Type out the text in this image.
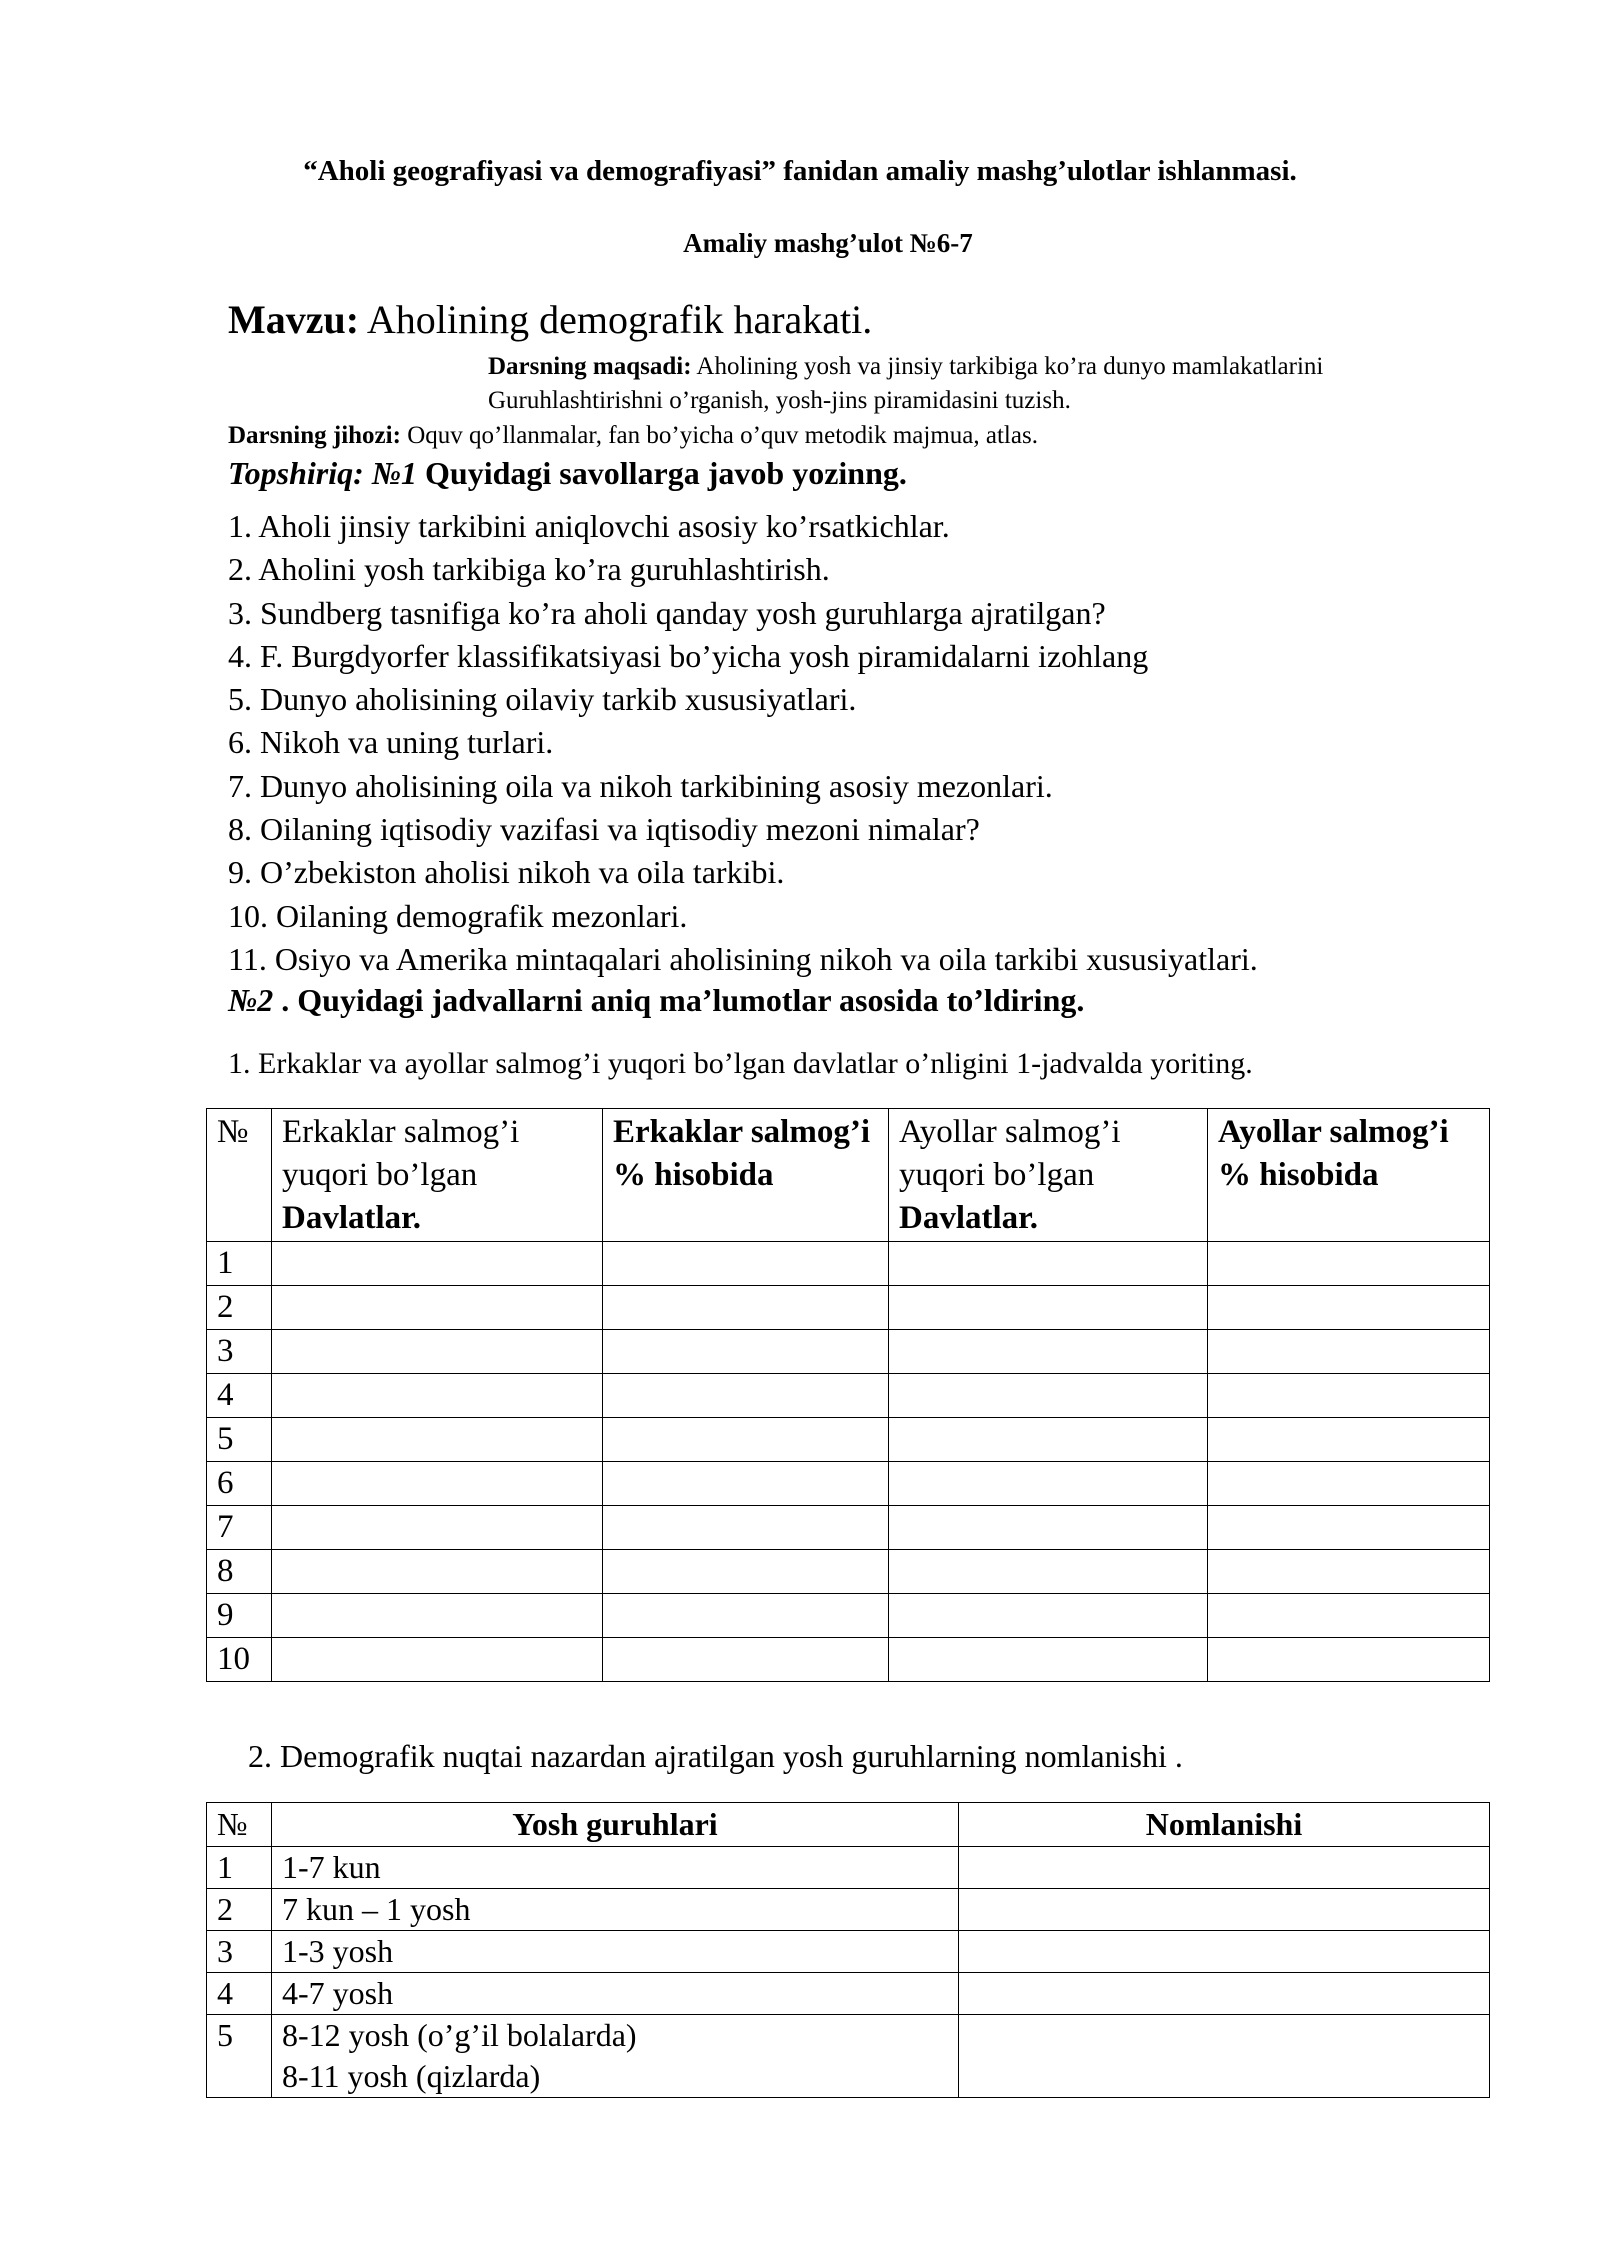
“Aholi geografiyasi va demografiyasi” fanidan amaliy mashg’ulotlar ishlanmasi.
Amaliy mashg’ulot №6-7
Mavzu: Aholining demografik harakati.
Darsning maqsadi: Aholining yosh va jinsiy tarkibiga ko’ra dunyo mamlakatlarini
Guruhlashtirishni o’rganish, yosh-jins piramidasini tuzish.
Darsning jihozi: Oquv qo’llanmalar, fan bo’yicha o’quv metodik majmua, atlas.
Topshiriq: №1 Quyidagi savollarga javob yozinng.
1. Aholi jinsiy tarkibini aniqlovchi asosiy ko’rsatkichlar.
2. Aholini yosh tarkibiga ko’ra guruhlashtirish.
3. Sundberg tasnifiga ko’ra aholi qanday yosh guruhlarga ajratilgan?
4. F. Burgdyorfer klassifikatsiyasi bo’yicha yosh piramidalarni izohlang
5. Dunyo aholisining oilaviy tarkib xususiyatlari.
6. Nikoh va uning turlari.
7. Dunyo aholisining oila va nikoh tarkibining asosiy mezonlari.
8. Oilaning iqtisodiy vazifasi va iqtisodiy mezoni nimalar?
9. O’zbekiston aholisi nikoh va oila tarkibi.
10. Oilaning demografik mezonlari.
11. Osiyo va Amerika mintaqalari aholisining nikoh va oila tarkibi xususiyatlari.
№2 . Quyidagi jadvallarni aniq ma’lumotlar asosida to’ldiring.
1. Erkaklar va ayollar salmog’i yuqori bo’lgan davlatlar o’nligini 1-jadvalda yoriting.
№	Erkaklar salmog’i yuqori bo’lgan
Davlatlar.	Erkaklar salmog’i % hisobida	Ayollar salmog’i yuqori bo’lgan
Davlatlar.	Ayollar salmog’i % hisobida
1				
2				
3				
4				
5				
6				
7				
8				
9				
10				
2. Demografik nuqtai nazardan ajratilgan yosh guruhlarning nomlanishi .
№	Yosh guruhlari	Nomlanishi
1	1-7 kun	

2	7 kun – 1 yosh	

3	1-3 yosh	

4	4-7 yosh	

5	8-12 yosh (o’g’il bolalarda)
8-11 yosh (qizlarda)	
